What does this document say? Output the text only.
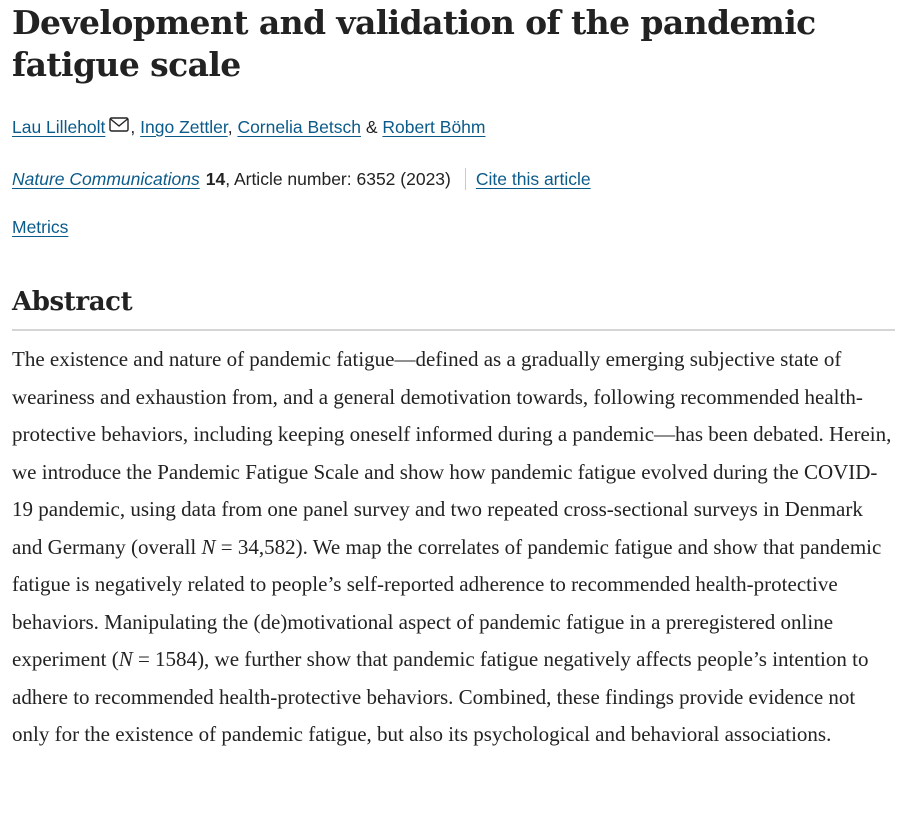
Development and validation of the pandemic fatigue scale
Lau Lilleholt , Ingo Zettler, Cornelia Betsch & Robert Böhm
Nature Communications 14, Article number: 6352 (2023) Cite this article
Metrics
Abstract

The existence and nature of pandemic fatigue—defined as a gradually emerging subjective state of weariness and exhaustion from, and a general demotivation towards, following recommended health-protective behaviors, including keeping oneself informed during a pandemic—has been debated. Herein, we introduce the Pandemic Fatigue Scale and show how pandemic fatigue evolved during the COVID-19 pandemic, using data from one panel survey and two repeated cross-sectional surveys in Denmark and Germany (overall N = 34,582). We map the correlates of pandemic fatigue and show that pandemic fatigue is negatively related to people’s self-reported adherence to recommended health-protective behaviors. Manipulating the (de)motivational aspect of pandemic fatigue in a preregistered online experiment (N = 1584), we further show that pandemic fatigue negatively affects people’s intention to adhere to recommended health-protective behaviors. Combined, these findings provide evidence not only for the existence of pandemic fatigue, but also its psychological and behavioral associations.
